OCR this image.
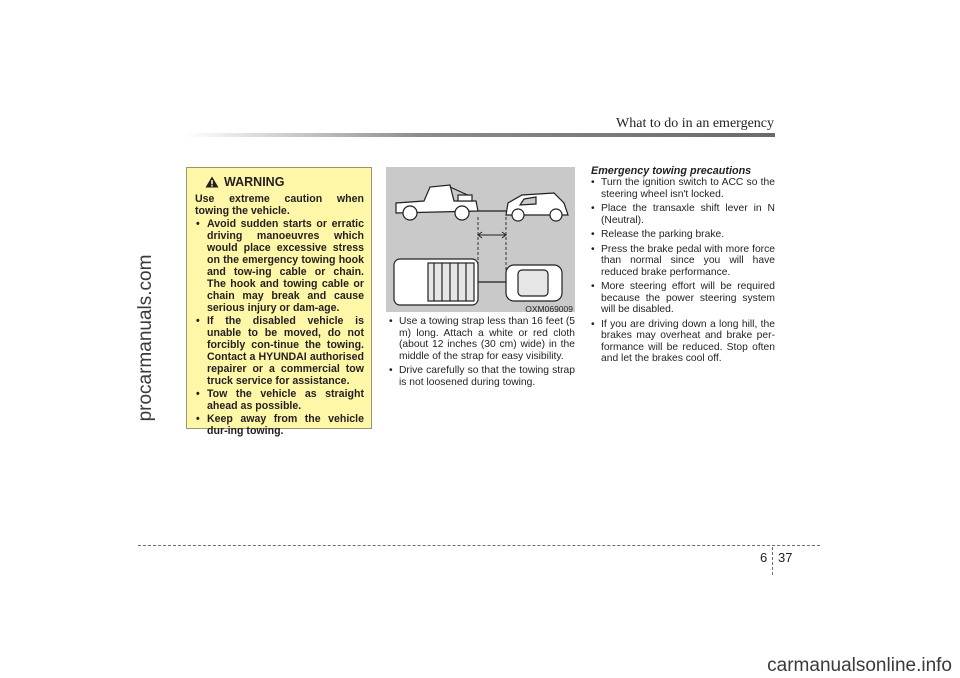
procarmanuals.com
What to do in an emergency
WARNING

Use extreme caution when towing the vehicle.

• Avoid sudden starts or erratic driving manoeuvres which would place excessive stress on the emergency towing hook and tow-ing cable or chain. The hook and towing cable or chain may break and cause serious injury or dam-age.
• If the disabled vehicle is unable to be moved, do not forcibly con-tinue the towing. Contact a HYUNDAI authorised repairer or a commercial tow truck service for assistance.
• Tow the vehicle as straight ahead as possible.
• Keep away from the vehicle dur-ing towing.
OXM069009
• Use a towing strap less than 16 feet (5 m) long. Attach a white or red cloth (about 12 inches (30 cm) wide) in the middle of the strap for easy visibility.
• Drive carefully so that the towing strap is not loosened during towing.
Emergency towing precautions
• Turn the ignition switch to ACC so the steering wheel isn't locked.
• Place the transaxle shift lever in N (Neutral).
• Release the parking brake.
• Press the brake pedal with more force than normal since you will have reduced brake performance.
• More steering effort will be required because the power steering system will be disabled.
• If you are driving down a long hill, the brakes may overheat and brake per-formance will be reduced. Stop often and let the brakes cool off.
6 37
carmanualsonline.info
